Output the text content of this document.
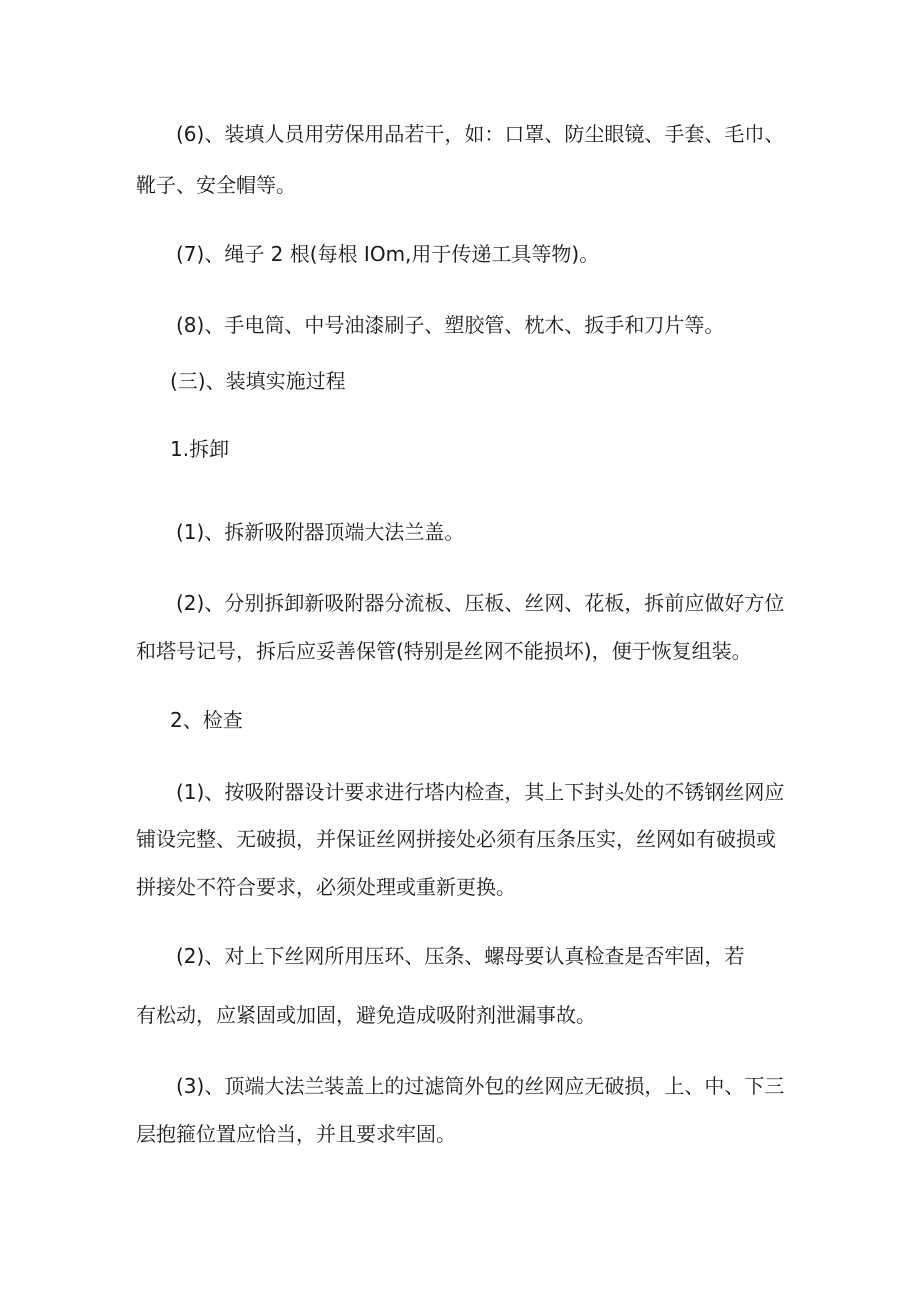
(6)、装填人员用劳保用品若干，如：口罩、防尘眼镜、手套、毛巾、

靴子、安全帽等。

(7)、绳子 2 根(每根 IOm,用于传递工具等物)。

(8)、手电筒、中号油漆刷子、塑胶管、枕木、扳手和刀片等。

(三)、装填实施过程

1.拆卸

(1)、拆新吸附器顶端大法兰盖。

(2)、分别拆卸新吸附器分流板、压板、丝网、花板，拆前应做好方位

和塔号记号，拆后应妥善保管(特别是丝网不能损坏)，便于恢复组装。

2、检查

(1)、按吸附器设计要求进行塔内检查，其上下封头处的不锈钢丝网应

铺设完整、无破损，并保证丝网拼接处必须有压条压实，丝网如有破损或

拼接处不符合要求，必须处理或重新更换。

(2)、对上下丝网所用压环、压条、螺母要认真检查是否牢固，若

有松动，应紧固或加固，避免造成吸附剂泄漏事故。

(3)、顶端大法兰装盖上的过滤筒外包的丝网应无破损，上、中、下三

层抱箍位置应恰当，并且要求牢固。
